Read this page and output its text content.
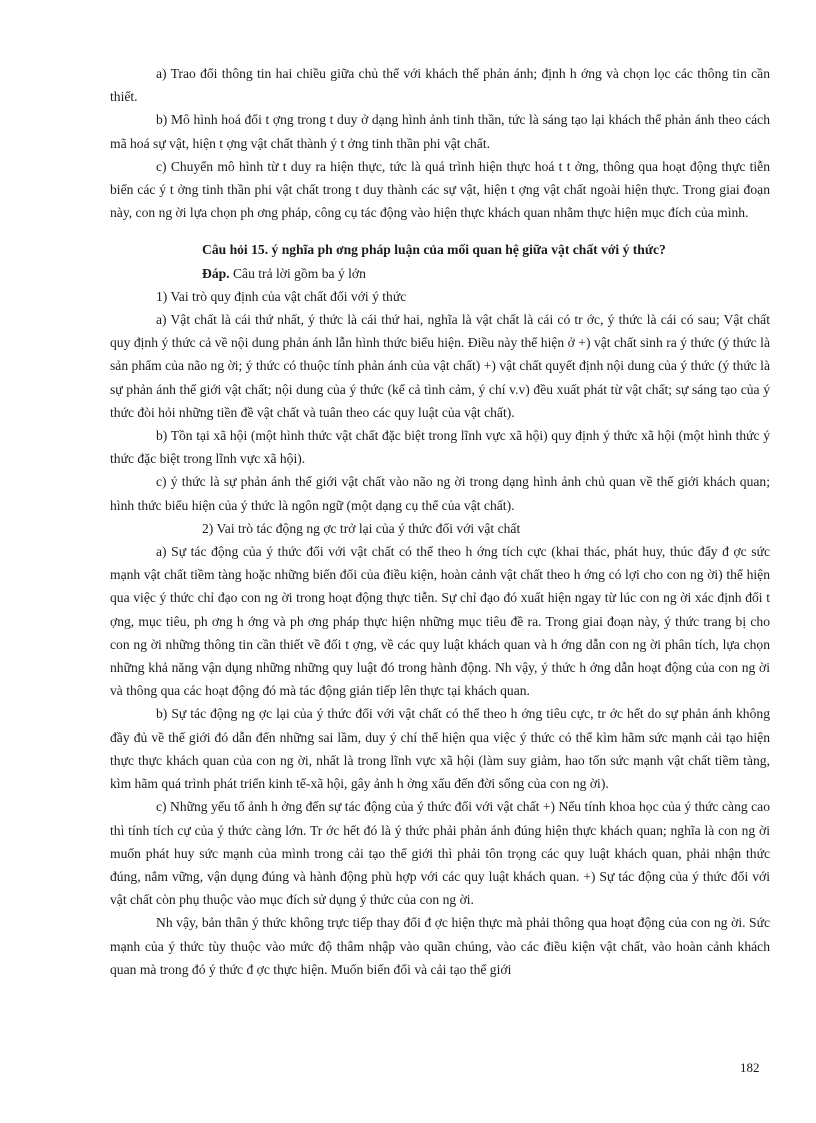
a) Trao đổi thông tin hai chiều giữa chủ thể với khách thể phản ánh; định h ớng và chọn lọc các thông tin cần thiết.

b) Mô hình hoá đối t ợng trong t duy ở dạng hình ảnh tinh thần, tức là sáng tạo lại khách thể phản ánh theo cách mã hoá sự vật, hiện t ợng vật chất thành ý t ởng tinh thần phi vật chất.

c) Chuyển mô hình từ t duy ra hiện thực, tức là quá trình hiện thực hoá t t ởng, thông qua hoạt động thực tiễn biến các ý t ởng tinh thần phi vật chất trong t duy thành các sự vật, hiện t ợng vật chất ngoài hiện thực. Trong giai đoạn này, con ng ời lựa chọn ph ơng pháp, công cụ tác động vào hiện thực khách quan nhằm thực hiện mục đích của mình.

Câu hỏi 15. ý nghĩa ph ơng pháp luận của mối quan hệ giữa vật chất với ý thức?

Đáp. Câu trả lời gồm ba ý lớn

1) Vai trò quy định của vật chất đối với ý thức

a) Vật chất là cái thứ nhất, ý thức là cái thứ hai, nghĩa là vật chất là cái có tr ớc, ý thức là cái có sau; Vật chất quy định ý thức cả về nội dung phản ánh lẫn hình thức biểu hiện. Điều này thể hiện ở +) vật chất sinh ra ý thức (ý thức là sản phẩm của não ng ời; ý thức có thuộc tính phản ánh của vật chất) +) vật chất quyết định nội dung của ý thức (ý thức là sự phản ánh thế giới vật chất; nội dung của ý thức (kể cả tình cảm, ý chí v.v) đều xuất phát từ vật chất; sự sáng tạo của ý thức đòi hỏi những tiền đề vật chất và tuân theo các quy luật của vật chất).

b) Tồn tại xã hội (một hình thức vật chất đặc biệt trong lĩnh vực xã hội) quy định ý thức xã hội (một hình thức ý thức đặc biệt trong lĩnh vực xã hội).

c) ý thức là sự phản ánh thế giới vật chất vào não ng ời trong dạng hình ảnh chủ quan về thế giới khách quan; hình thức biểu hiện của ý thức là ngôn ngữ (một dạng cụ thể của vật chất).

2) Vai trò tác động ng ợc trở lại của ý thức đối với vật chất

a) Sự tác động của ý thức đối với vật chất có thể theo h ớng tích cực (khai thác, phát huy, thúc đẩy đ ợc sức mạnh vật chất tiềm tàng hoặc những biến đổi của điều kiện, hoàn cảnh vật chất theo h ớng có lợi cho con ng ời) thể hiện qua việc ý thức chỉ đạo con ng ời trong hoạt động thực tiễn. Sự chỉ đạo đó xuất hiện ngay từ lúc con ng ời xác định đối t ợng, mục tiêu, ph ơng h ớng và ph ơng pháp thực hiện những mục tiêu đề ra. Trong giai đoạn này, ý thức trang bị cho con ng ời những thông tin cần thiết về đối t ợng, về các quy luật khách quan và h ớng dẫn con ng ời phân tích, lựa chọn những khả năng vận dụng những những quy luật đó trong hành động. Nh vậy, ý thức h ớng dẫn hoạt động của con ng ời và thông qua các hoạt động đó mà tác động gián tiếp lên thực tại khách quan.

b) Sự tác động ng ợc lại của ý thức đối với vật chất có thể theo h ớng tiêu cực, tr ớc hết do sự phản ánh không đầy đủ về thế giới đó dẫn đến những sai lầm, duy ý chí thể hiện qua việc ý thức có thể kìm hãm sức mạnh cải tạo hiện thực thực khách quan của con ng ời, nhất là trong lĩnh vực xã hội (làm suy giảm, hao tốn sức mạnh vật chất tiềm tàng, kìm hãm quá trình phát triển kinh tế-xã hội, gây ảnh h ởng xấu đến đời sống của con ng ời).

c) Những yếu tố ảnh h ởng đến sự tác động của ý thức đối với vật chất +) Nếu tính khoa học của ý thức càng cao thì tính tích cự của ý thức càng lớn. Tr ớc hết đó là ý thức phải phản ánh đúng hiện thực khách quan; nghĩa là con ng ời muốn phát huy sức mạnh của mình trong cải tạo thế giới thì phải tôn trọng các quy luật khách quan, phải nhận thức đúng, nắm vững, vận dụng đúng và hành động phù hợp với các quy luật khách quan. +) Sự tác động của ý thức đối với vật chất còn phụ thuộc vào mục đích sử dụng ý thức của con ng ời.

Nh vậy, bản thân ý thức không trực tiếp thay đổi đ ợc hiện thực mà phải thông qua hoạt động của con ng ời. Sức mạnh của ý thức tùy thuộc vào mức độ thâm nhập vào quần chúng, vào các điều kiện vật chất, vào hoàn cảnh khách quan mà trong đó ý thức đ ợc thực hiện. Muốn biến đổi và cải tạo thế giới

182
